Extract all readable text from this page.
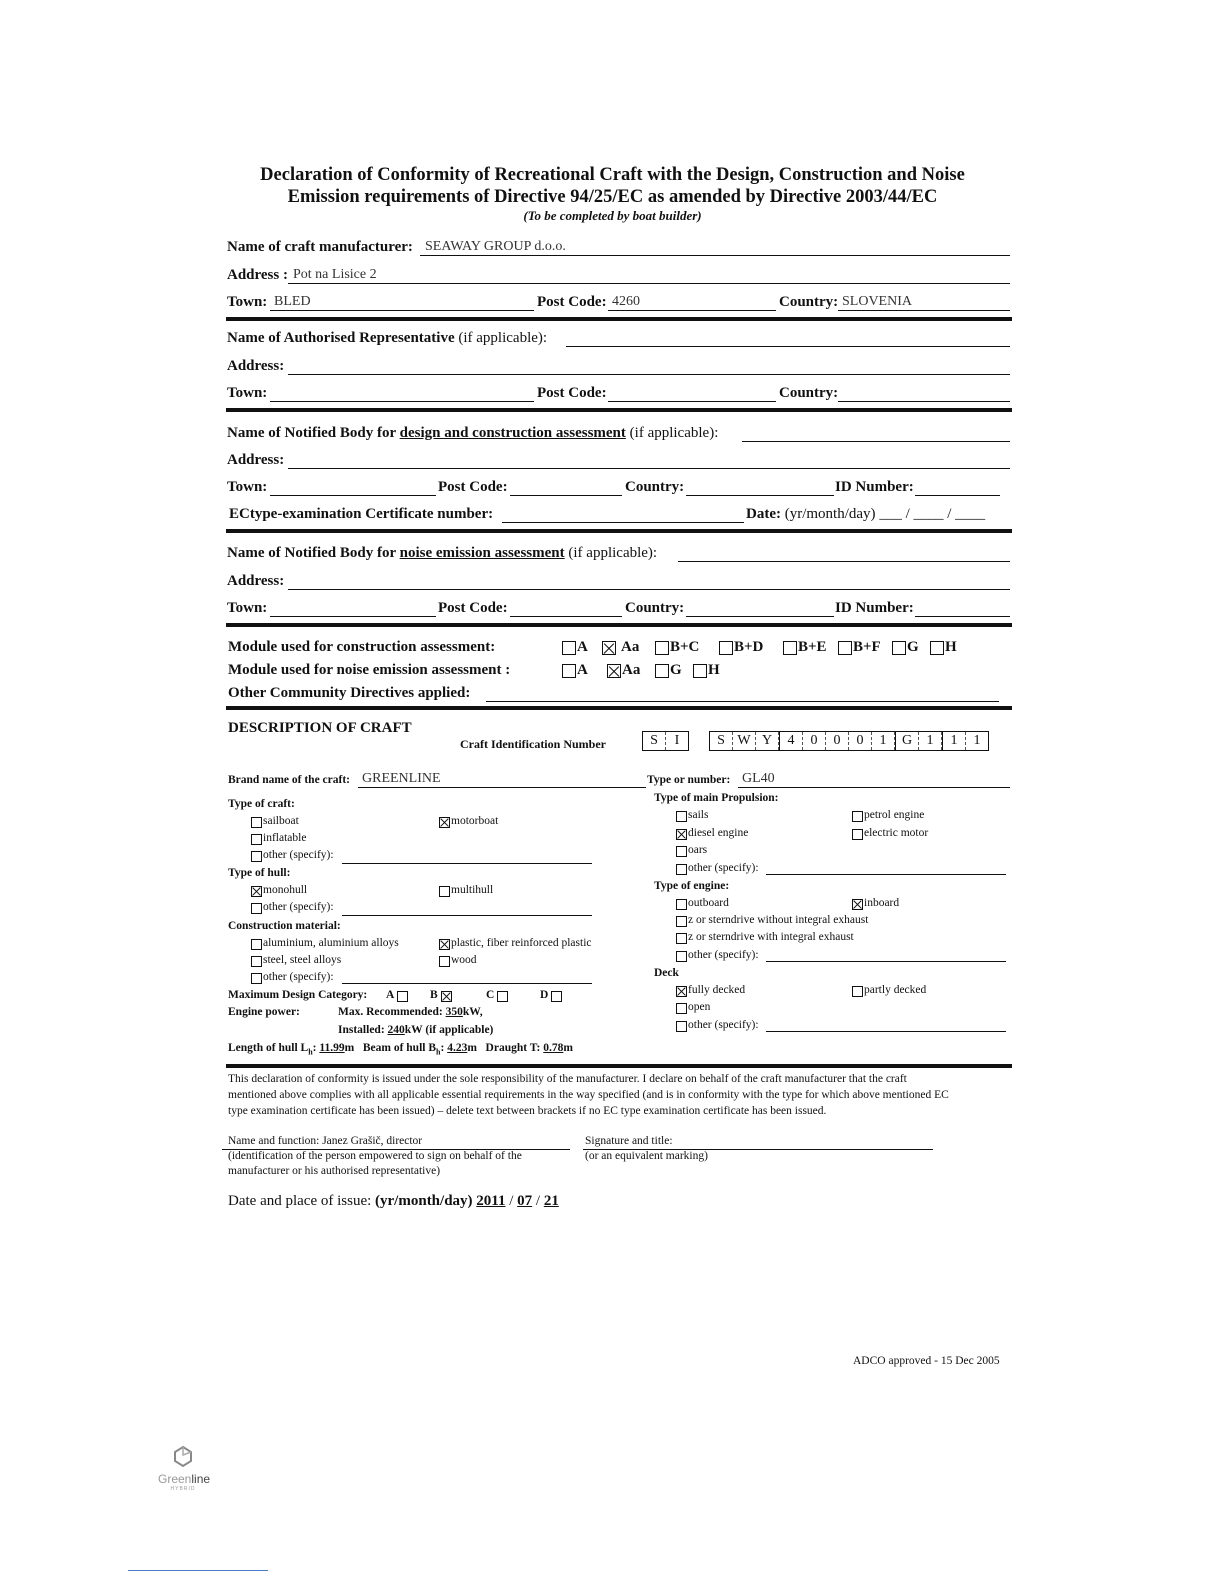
Declaration of Conformity of Recreational Craft with the Design, Construction and Noise
Emission requirements of Directive 94/25/EC as amended by Directive 2003/44/EC
(To be completed by boat builder)
Name of craft manufacturer: SEAWAY GROUP d.o.o.
Address : Pot na Lisice 2
Town: BLED	Post Code: 4260	Country: SLOVENIA
Name of Authorised Representative (if applicable):
Address:
Town:	Post Code:	Country:
Name of Notified Body for design and construction assessment (if applicable):
Address:
Town:	Post Code:	Country:	ID Number:
ECtype-examination Certificate number:	Date: (yr/month/day) ___ / ____ / ____
Name of Notified Body for noise emission assessment (if applicable):
Address:
Town:	Post Code:	Country:	ID Number:
Module used for construction assessment:	A Aa B+C B+D B+E B+F G H
Module used for noise emission assessment :	A Aa G H
Other Community Directives applied:
DESCRIPTION OF CRAFT
Craft Identification Number	S	I	S W Y	4	0	0	0	1	G	1	1	1
Brand name of the craft: GREENLINE	Type or number: GL40
Type of craft:
sailboat	motorboat
inflatable
other (specify):
Type of hull:
monohull	multihull
other (specify):
Construction material:
aluminium, aluminium alloys	plastic, fiber reinforced plastic
steel, steel alloys	wood
other (specify):
Maximum Design Category: A	B	C	D
Engine power:	Max. Recommended: 350kW,
Installed: 240kW (if applicable)
Length of hull $L_h$: 11.99m Beam of hull $B_h$: 4.23m Draught T: 0.78m
Type of main Propulsion:
sails	petrol engine
diesel engine	electric motor
oars
other (specify):
Type of engine:
outboard	inboard
z or sterndrive without integral exhaust
z or sterndrive with integral exhaust
other (specify):
Deck
fully decked	partly decked
open
other (specify):
This declaration of conformity is issued under the sole responsibility of the manufacturer. I declare on behalf of the craft manufacturer that the craft
mentioned above complies with all applicable essential requirements in the way specified (and is in conformity with the type for which above mentioned EC
type examination certificate has been issued) – delete text between brackets if no EC type examination certificate has been issued.
Name and function: Janez Grašič, director	Signature and title:
(identification of the person empowered to sign on behalf of the
manufacturer or his authorised representative)
(or an equivalent marking)
Date and place of issue: (yr/month/day) 2011 / 07 / 21
ADCO approved - 15 Dec 2005
Greenline
HYBRID
